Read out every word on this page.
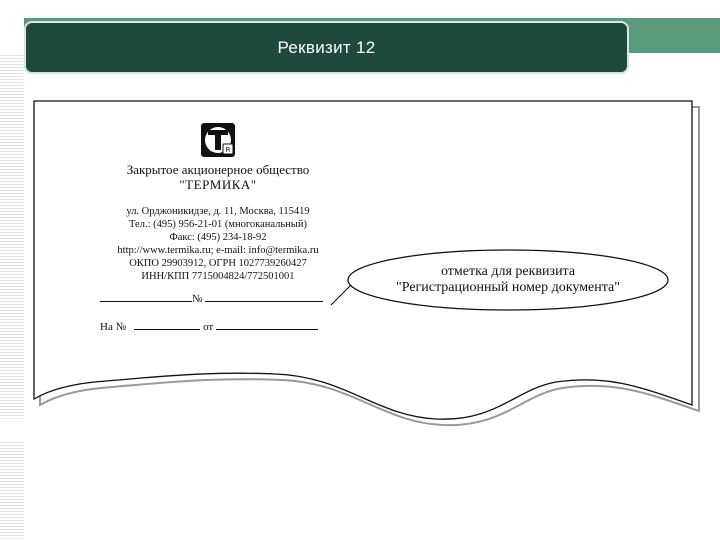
Реквизит 12
R
Закрытое акционерное общество
"ТЕРМИКА"
ул. Орджоникидзе, д. 11, Москва, 115419
Тел.: (495) 956-21-01 (многоканальный)
Факс: (495) 234-18-92
http://www.termika.ru; e-mail: info@termika.ru
ОКПО 29903912, ОГРН 1027739260427
ИНН/КПП 7715004824/772501001
№
На №	от
отметка для реквизита
"Регистрационный номер документа"
